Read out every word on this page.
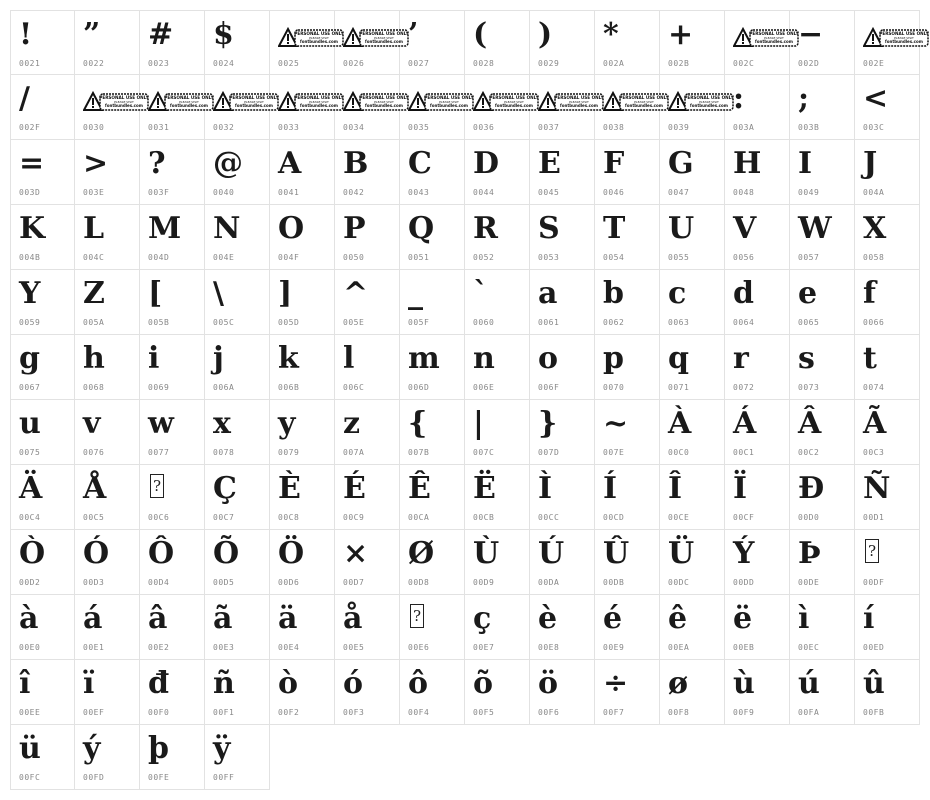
!
0021
”
0022
#
0023
$
0024
PERSONAL USE ONLY
PLEASE VISIT
fontbundles.com
0025
PERSONAL USE ONLY
PLEASE VISIT
fontbundles.com
0026
’
0027
(
0028
)
0029
*
002A
+
002B
PERSONAL USE ONLY
PLEASE VISIT
fontbundles.com
002C
−
002D
PERSONAL USE ONLY
PLEASE VISIT
fontbundles.com
002E
/
002F
PERSONAL USE ONLY
PLEASE VISIT
fontbundles.com
0030
PERSONAL USE ONLY
PLEASE VISIT
fontbundles.com
0031
PERSONAL USE ONLY
PLEASE VISIT
fontbundles.com
0032
PERSONAL USE ONLY
PLEASE VISIT
fontbundles.com
0033
PERSONAL USE ONLY
PLEASE VISIT
fontbundles.com
0034
PERSONAL USE ONLY
PLEASE VISIT
fontbundles.com
0035
PERSONAL USE ONLY
PLEASE VISIT
fontbundles.com
0036
PERSONAL USE ONLY
PLEASE VISIT
fontbundles.com
0037
PERSONAL USE ONLY
PLEASE VISIT
fontbundles.com
0038
PERSONAL USE ONLY
PLEASE VISIT
fontbundles.com
0039
:
003A
;
003B
<
003C
=
003D
>
003E
?
003F
@
0040
A
0041
B
0042
C
0043
D
0044
E
0045
F
0046
G
0047
H
0048
I
0049
J
004A
K
004B
L
004C
M
004D
N
004E
O
004F
P
0050
Q
0051
R
0052
S
0053
T
0054
U
0055
V
0056
W
0057
X
0058
Y
0059
Z
005A
[
005B
\
005C
]
005D
^
005E
_
005F
`
0060
a
0061
b
0062
c
0063
d
0064
e
0065
f
0066
g
0067
h
0068
i
0069
j
006A
k
006B
l
006C
m
006D
n
006E
o
006F
p
0070
q
0071
r
0072
s
0073
t
0074
u
0075
v
0076
w
0077
x
0078
y
0079
z
007A
{
007B
|
007C
}
007D
~
007E
À
00C0
Á
00C1
Â
00C2
Ã
00C3
Ä
00C4
Å
00C5
?
00C6
Ç
00C7
È
00C8
É
00C9
Ê
00CA
Ë
00CB
Ì
00CC
Í
00CD
Î
00CE
Ï
00CF
Ð
00D0
Ñ
00D1
Ò
00D2
Ó
00D3
Ô
00D4
Õ
00D5
Ö
00D6
×
00D7
Ø
00D8
Ù
00D9
Ú
00DA
Û
00DB
Ü
00DC
Ý
00DD
Þ
00DE
?
00DF
à
00E0
á
00E1
â
00E2
ã
00E3
ä
00E4
å
00E5
?
00E6
ç
00E7
è
00E8
é
00E9
ê
00EA
ë
00EB
ì
00EC
í
00ED
î
00EE
ï
00EF
đ
00F0
ñ
00F1
ò
00F2
ó
00F3
ô
00F4
õ
00F5
ö
00F6
÷
00F7
ø
00F8
ù
00F9
ú
00FA
û
00FB
ü
00FC
ý
00FD
þ
00FE
ÿ
00FF
